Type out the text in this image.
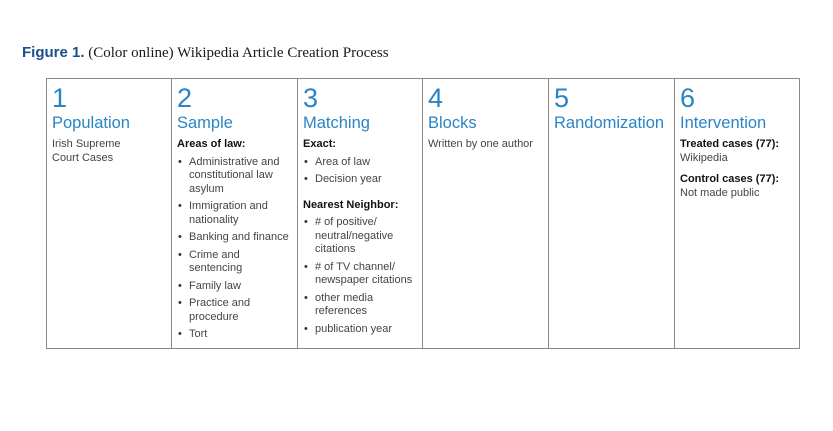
Figure 1. (Color online) Wikipedia Article Creation Process
1
Population
Irish Supreme Court Cases
2
Sample
Areas of law:
• Administrative and constitutional law asylum
• Immigration and nationality
• Banking and finance
• Crime and sentencing
• Family law
• Practice and procedure
• Tort
3
Matching
Exact:
• Area of law
• Decision year
Nearest Neighbor:
• # of positive/ neutral/negative citations
• # of TV channel/ newspaper citations
• other media references
• publication year
4
Blocks
Written by one author
5
Randomization
6
Intervention
Treated cases (77):
Wikipedia
Control cases (77):
Not made public
